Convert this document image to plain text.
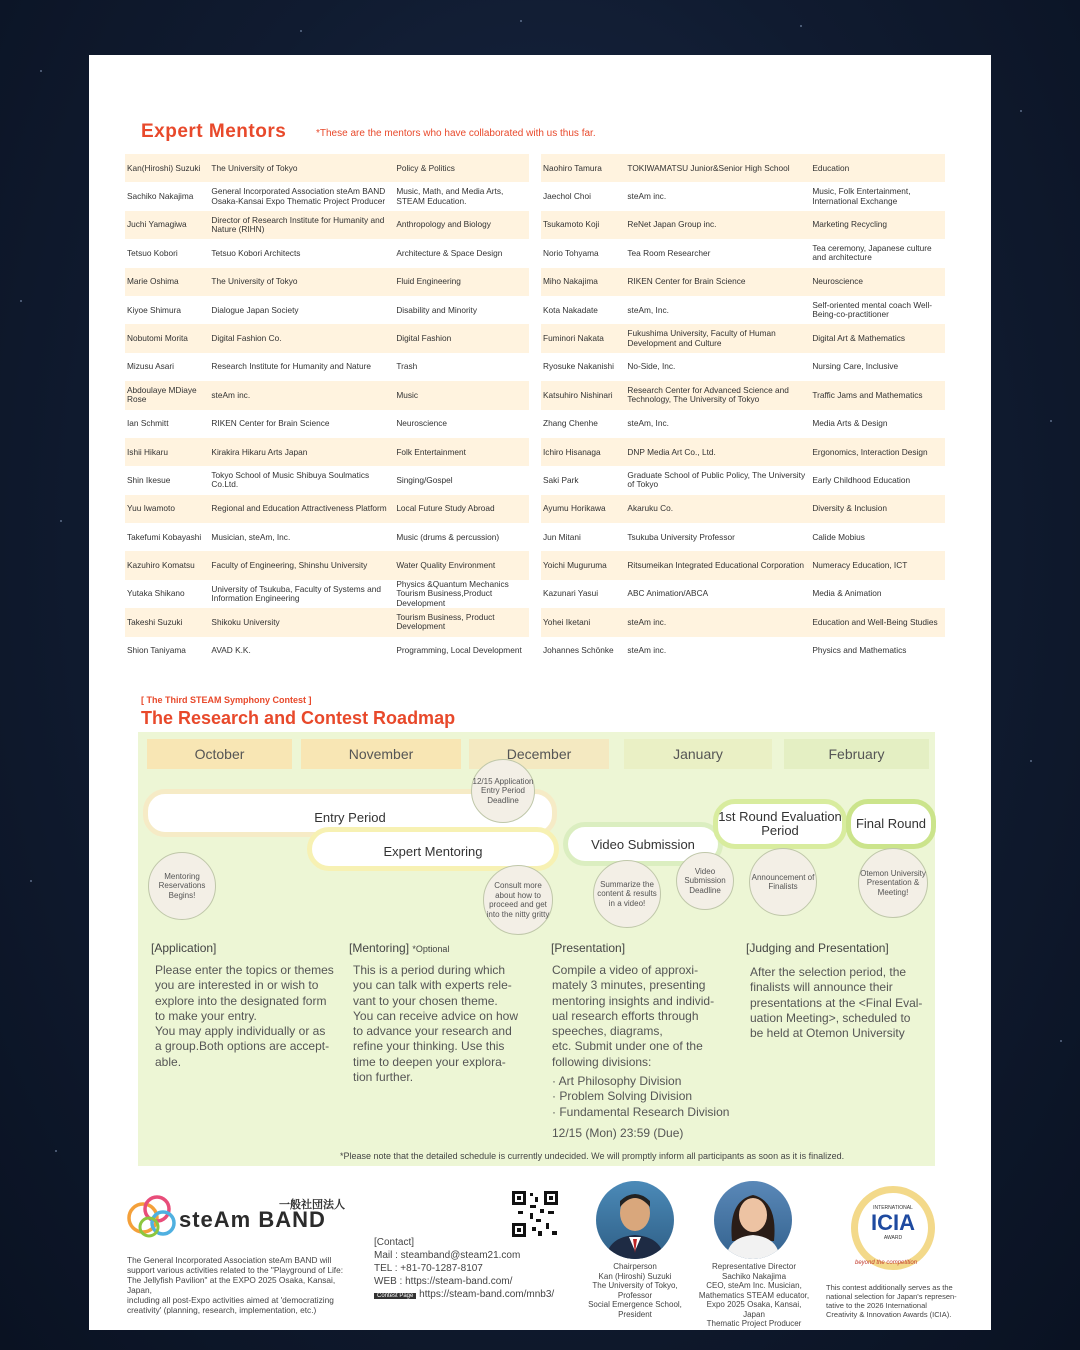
Expert Mentors	*These are the mentors who have collaborated with us thus far.
Kan(Hiroshi) Suzuki	The University of Tokyo	Policy & Politics
Sachiko Nakajima	General Incorporated Association steAm BAND Osaka-Kansai Expo Thematic Project Producer	Music, Math, and Media Arts, STEAM Education.
Juchi Yamagiwa	Director of Research Institute for Humanity and Nature (RIHN)	Anthropology and Biology
Tetsuo Kobori	Tetsuo Kobori Architects	Architecture & Space Design
Marie Oshima	The University of Tokyo	Fluid Engineering
Kiyoe Shimura	Dialogue Japan Society	Disability and Minority
Nobutomi Morita	Digital Fashion Co.	Digital Fashion
Mizusu Asari	Research Institute for Humanity and Nature	Trash
Abdoulaye MDiaye Rose	steAm inc.	Music
Ian Schmitt	RIKEN Center for Brain Science	Neuroscience
Ishii Hikaru	Kirakira Hikaru Arts Japan	Folk Entertainment
Shin Ikesue	Tokyo School of Music Shibuya Soulmatics Co.Ltd.	Singing/Gospel
Yuu Iwamoto	Regional and Education Attractiveness Platform	Local Future Study Abroad
Takefumi Kobayashi	Musician, steAm, Inc.	Music (drums & percussion)
Kazuhiro Komatsu	Faculty of Engineering, Shinshu University	Water Quality Environment
Yutaka Shikano	University of Tsukuba, Faculty of Systems and Information Engineering	Physics &Quantum Mechanics Tourism Business,Product Development
Takeshi Suzuki	Shikoku University	Tourism Business, Product Development
Shion Taniyama	AVAD K.K.	Programming, Local Development
Naohiro Tamura	TOKIWAMATSU Junior&Senior High School	Education
Jaechol Choi	steAm inc.	Music, Folk Entertainment, International Exchange
Tsukamoto Koji	ReNet Japan Group inc.	Marketing Recycling
Norio Tohyama	Tea Room Researcher	Tea ceremony, Japanese culture and architecture
Miho Nakajima	RIKEN Center for Brain Science	Neuroscience
Kota Nakadate	steAm, Inc.	Self-oriented mental coach Well-Being-co-practitioner
Fuminori Nakata	Fukushima University, Faculty of Human Development and Culture	Digital Art & Mathematics
Ryosuke Nakanishi	No-Side, Inc.	Nursing Care, Inclusive
Katsuhiro Nishinari	Research Center for Advanced Science and Technology, The University of Tokyo	Traffic Jams and Mathematics
Zhang Chenhe	steAm, Inc.	Media Arts & Design
Ichiro Hisanaga	DNP Media Art Co., Ltd.	Ergonomics, Interaction Design
Saki Park	Graduate School of Public Policy, The University of Tokyo	Early Childhood Education
Ayumu Horikawa	Akaruku Co.	Diversity & Inclusion
Jun Mitani	Tsukuba University Professor	Calide Mobius
Yoichi Muguruma	Ritsumeikan Integrated Educational Corporation	Numeracy Education, ICT
Kazunari Yasui	ABC Animation/ABCA	Media & Animation
Yohei Iketani	steAm inc.	Education and Well-Being Studies
Johannes Schönke	steAm inc.	Physics and Mathematics
[ The Third STEAM Symphony Contest ]
The Research and Contest Roadmap
October	November	December	January	February
Entry Period
Expert Mentoring	Video Submission
1st Round Evaluation Period	Final Round
12/15 Application Entry Period Deadline
Mentoring Reservations Begins!
Consult more about how to proceed and get into the nitty gritty
Summarize the content & results in a video!
Video Submission Deadline
Announcement of Finalists
Otemon University Presentation & Meeting!
[Application]
Please enter the topics or themes
you are interested in or wish to
explore into the designated form
to make your entry.
You may apply individually or as
a group.Both options are accept-
able.
[Mentoring] *Optional
This is a period during which
you can talk with experts rele-
vant to your chosen theme.
You can receive advice on how
to advance your research and
refine your thinking. Use this
time to deepen your explora-
tion further.
[Presentation]
Compile a video of approxi-
mately 3 minutes, presenting
mentoring insights and individ-
ual research efforts through
speeches, diagrams,
etc. Submit under one of the
following divisions:
· Art Philosophy Division
· Problem Solving Division
· Fundamental Research Division
12/15 (Mon) 23:59 (Due)
[Judging and Presentation]
After the selection period, the
finalists will announce their
presentations at the <Final Eval-
uation Meeting>, scheduled to
be held at Otemon University
*Please note that the detailed schedule is currently undecided. We will promptly inform all participants as soon as it is finalized.
一般社団法人
steAm BAND
The General Incorporated Association steAm BAND will
support various activities related to the "Playground of Life:
The Jellyfish Pavilion" at the EXPO 2025 Osaka, Kansai, Japan,
including all post-Expo activities aimed at 'democratizing
creativity' (planning, research, implementation, etc.)
[Contact]
Mail : steamband@steam21.com
TEL : +81-70-1287-8107
WEB : https://steam-band.com/
Contest Page https://steam-band.com/mnb3/
Chairperson
Kan (Hiroshi) Suzuki
The University of Tokyo, Professor
Social Emergence School, President
Representative Director
Sachiko Nakajima
CEO, steAm Inc. Musician,
Mathematics STEAM educator,
Expo 2025 Osaka, Kansai, Japan
Thematic Project Producer
INTERNATIONAL
ICIA
AWARD
beyond the competition
This contest additionally serves as the
national selection for Japan's represen-
tative to the 2026 International
Creativity & Innovation Awards (ICIA).
